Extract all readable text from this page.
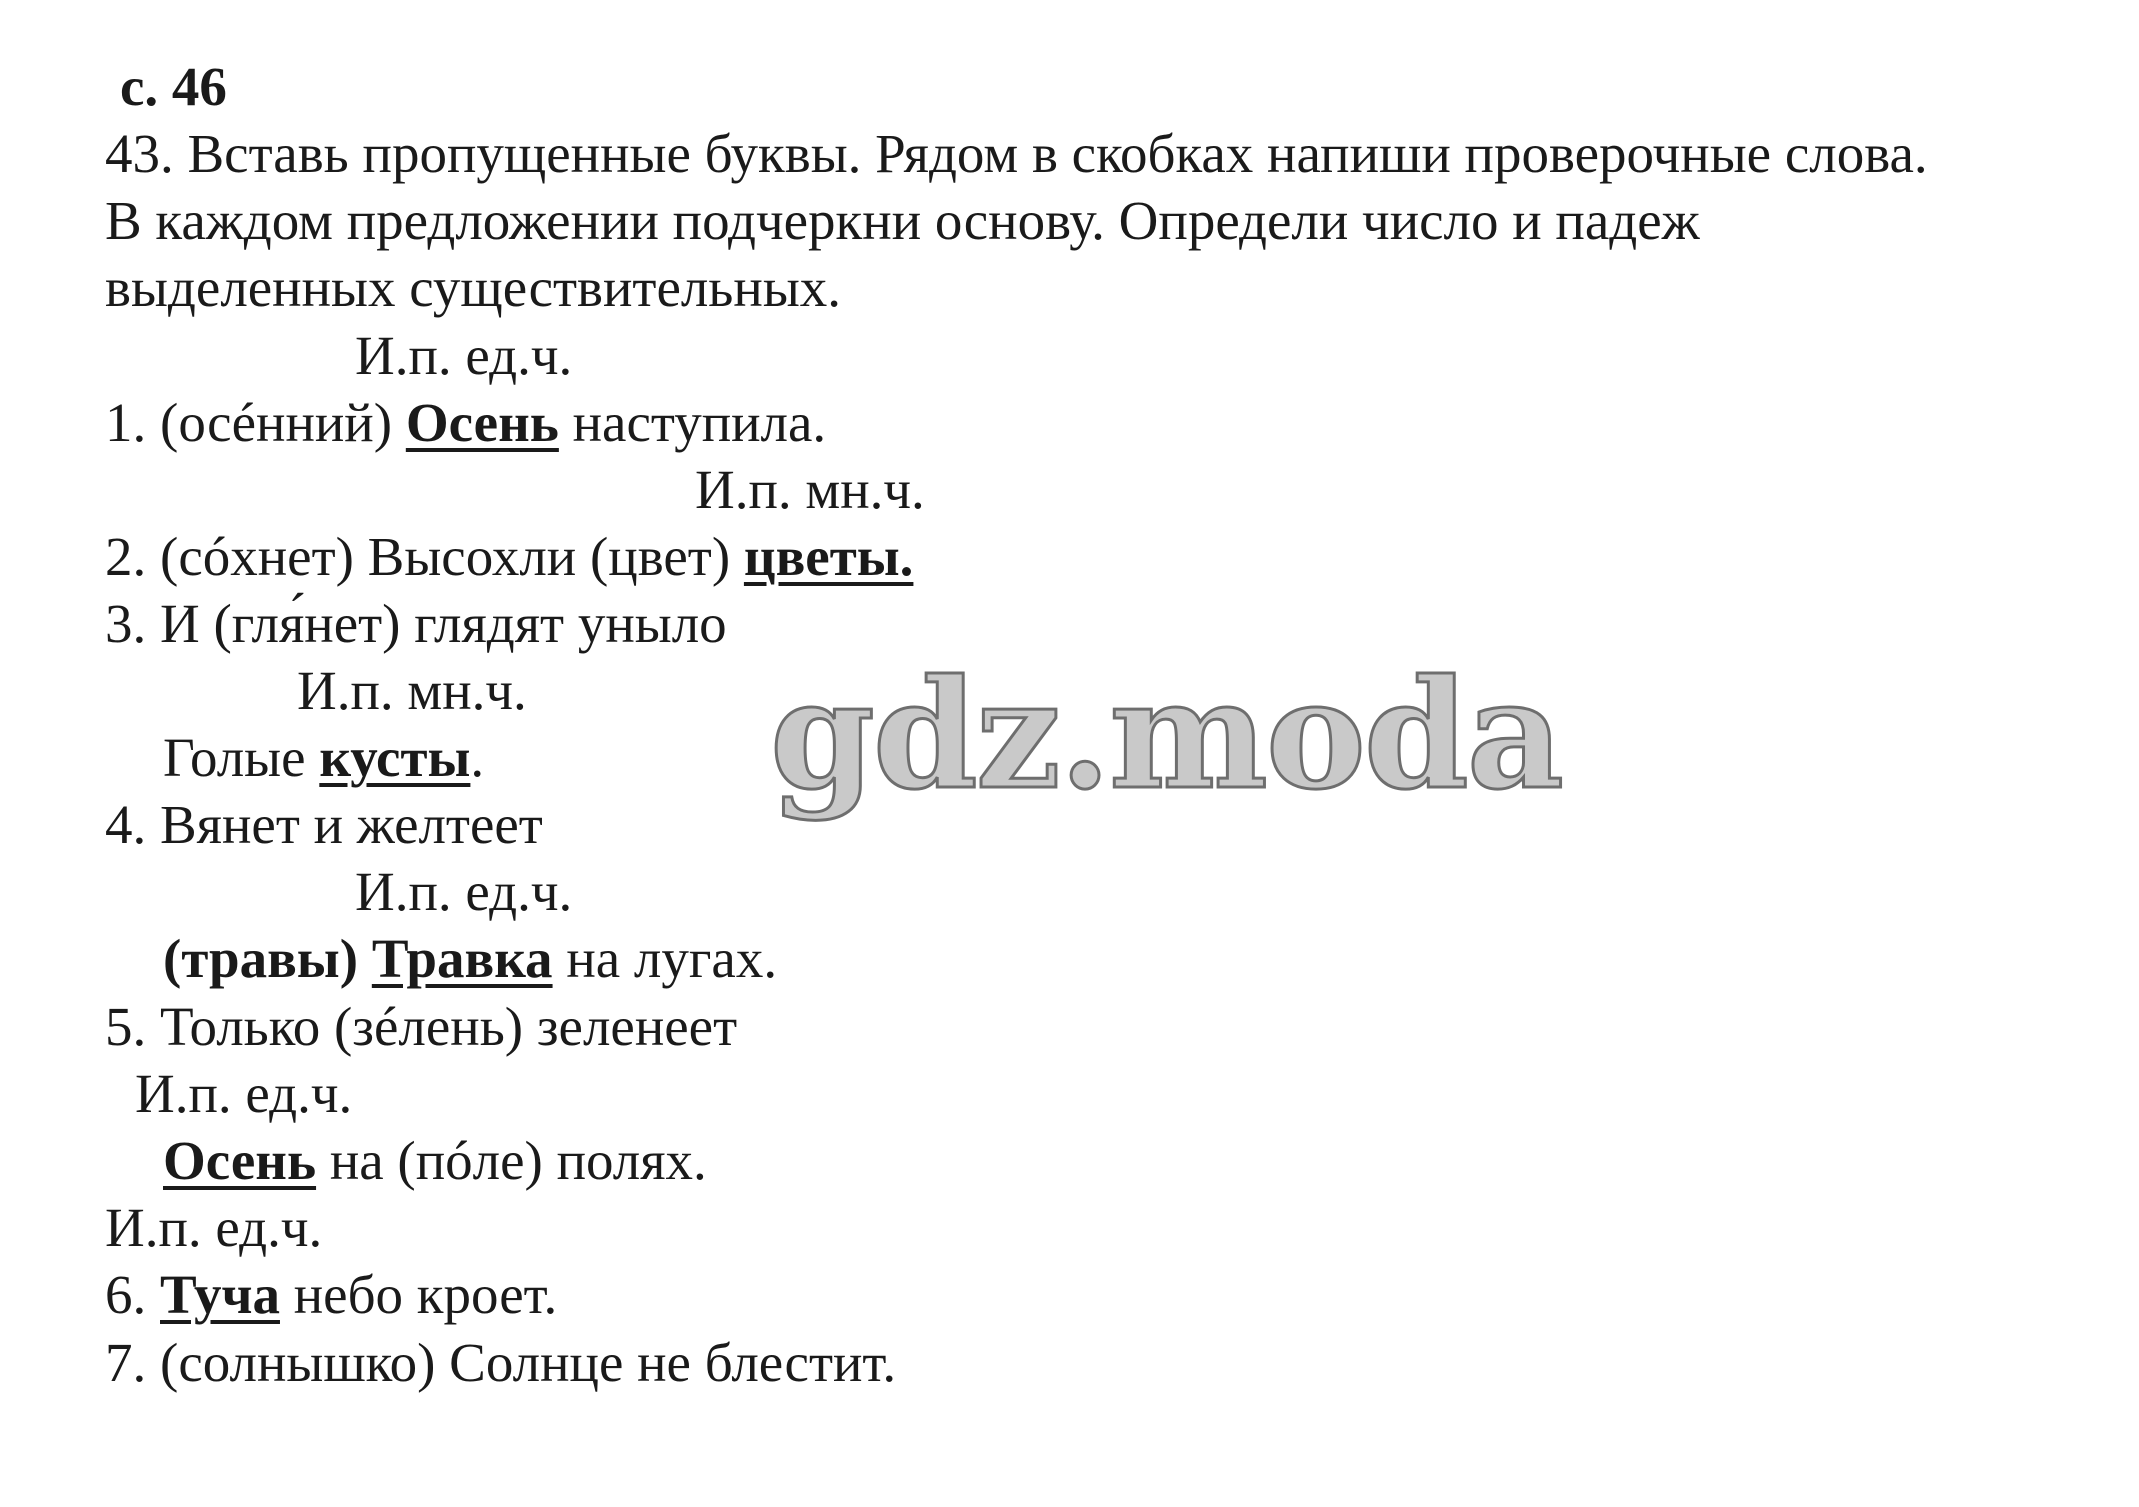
с. 46
43. Вставь пропущенные буквы. Рядом в скобках напиши проверочные слова.
В каждом предложении подчеркни основу. Определи число и падеж
выделенных существительных.
И.п. ед.ч.
1. (осéнний) Осень наступила.
И.п. мн.ч.
2. (сóхнет) Высохли (цвет) цветы.
3. И (гля́нет) глядят уныло
И.п. мн.ч.
Голые кусты.
4. Вянет и желтеет
И.п. ед.ч.
(травы) Травка на лугах.
5. Только (зéлень) зеленеет
И.п. ед.ч.
Осень на (пóле) полях.
И.п. ед.ч.
6. Туча небо кроет.
7. (солнышко) Солнце не блестит.
gdz.moda
